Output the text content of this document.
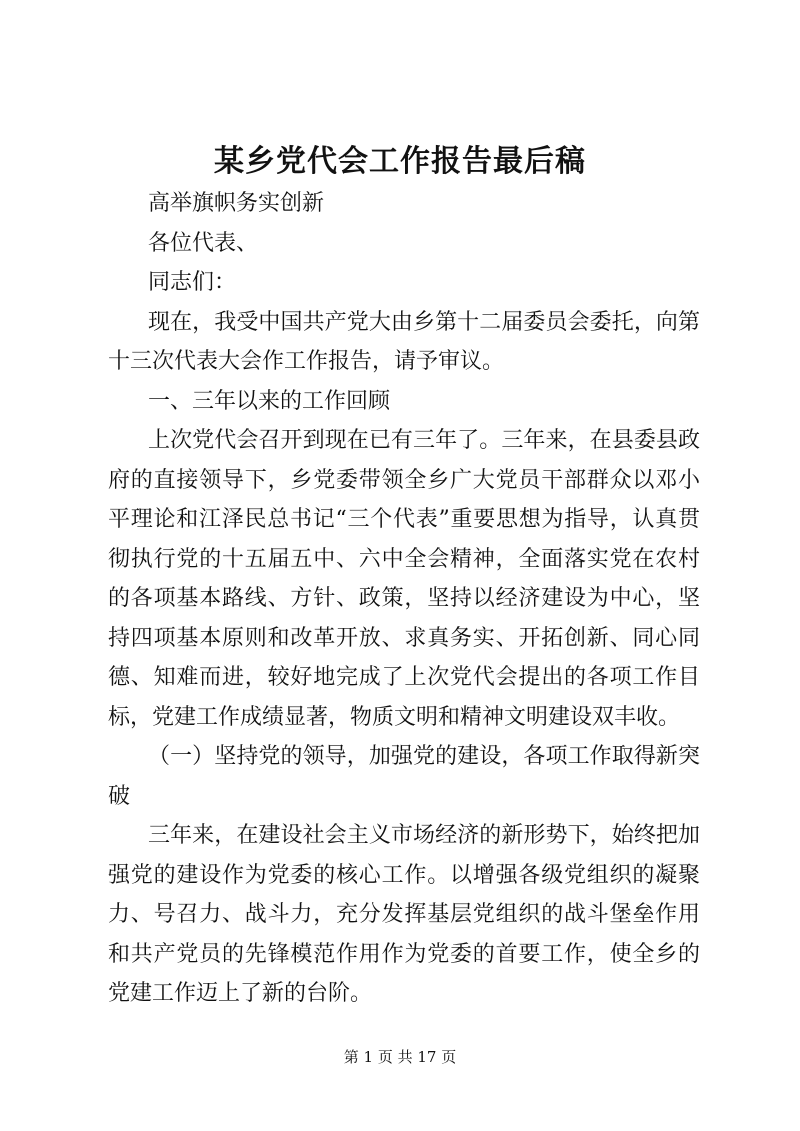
某乡党代会工作报告最后稿

高举旗帜务实创新

各位代表、

同志们：

现在，我受中国共产党大由乡第十二届委员会委托，向第十三次代表大会作工作报告，请予审议。

一、三年以来的工作回顾

上次党代会召开到现在已有三年了。三年来，在县委县政府的直接领导下，乡党委带领全乡广大党员干部群众以邓小平理论和江泽民总书记“三个代表”重要思想为指导，认真贯彻执行党的十五届五中、六中全会精神，全面落实党在农村的各项基本路线、方针、政策，坚持以经济建设为中心，坚持四项基本原则和改革开放、求真务实、开拓创新、同心同德、知难而进，较好地完成了上次党代会提出的各项工作目标，党建工作成绩显著，物质文明和精神文明建设双丰收。

（一）坚持党的领导，加强党的建设，各项工作取得新突破

三年来，在建设社会主义市场经济的新形势下，始终把加强党的建设作为党委的核心工作。以增强各级党组织的凝聚力、号召力、战斗力，充分发挥基层党组织的战斗堡垒作用和共产党员的先锋模范作用作为党委的首要工作，使全乡的党建工作迈上了新的台阶。

第 1 页 共 17 页
